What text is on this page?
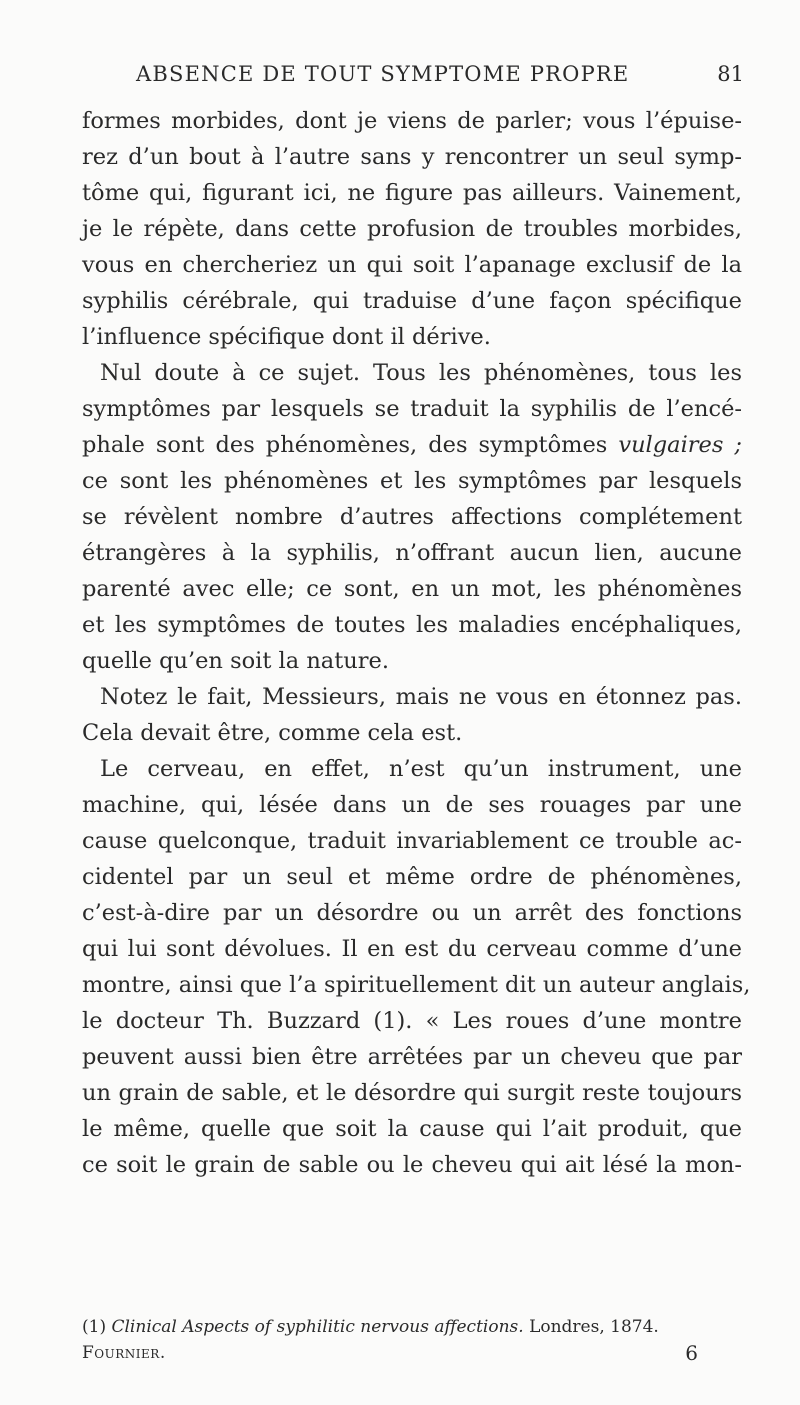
ABSENCE DE TOUT SYMPTOME PROPRE	81
formes morbides, dont je viens de parler; vous l’épuise-
rez d’un bout à l’autre sans y rencontrer un seul symp-
tôme qui, figurant ici, ne figure pas ailleurs. Vainement,
je le répète, dans cette profusion de troubles morbides,
vous en chercheriez un qui soit l’apanage exclusif de la
syphilis cérébrale, qui traduise d’une façon spécifique
l’influence spécifique dont il dérive.
Nul doute à ce sujet. Tous les phénomènes, tous les
symptômes par lesquels se traduit la syphilis de l’encé-
phale sont des phénomènes, des symptômes vulgaires ;
ce sont les phénomènes et les symptômes par lesquels
se révèlent nombre d’autres affections complétement
étrangères à la syphilis, n’offrant aucun lien, aucune
parenté avec elle; ce sont, en un mot, les phénomènes
et les symptômes de toutes les maladies encéphaliques,
quelle qu’en soit la nature.
Notez le fait, Messieurs, mais ne vous en étonnez pas.
Cela devait être, comme cela est.
Le cerveau, en effet, n’est qu’un instrument, une
machine, qui, lésée dans un de ses rouages par une
cause quelconque, traduit invariablement ce trouble ac-
cidentel par un seul et même ordre de phénomènes,
c’est-à-dire par un désordre ou un arrêt des fonctions
qui lui sont dévolues. Il en est du cerveau comme d’une
montre, ainsi que l’a spirituellement dit un auteur anglais,
le docteur Th. Buzzard (1). « Les roues d’une montre
peuvent aussi bien être arrêtées par un cheveu que par
un grain de sable, et le désordre qui surgit reste toujours
le même, quelle que soit la cause qui l’ait produit, que
ce soit le grain de sable ou le cheveu qui ait lésé la mon-
(1) Clinical Aspects of syphilitic nervous affections. Londres, 1874.
Fournier.	6
